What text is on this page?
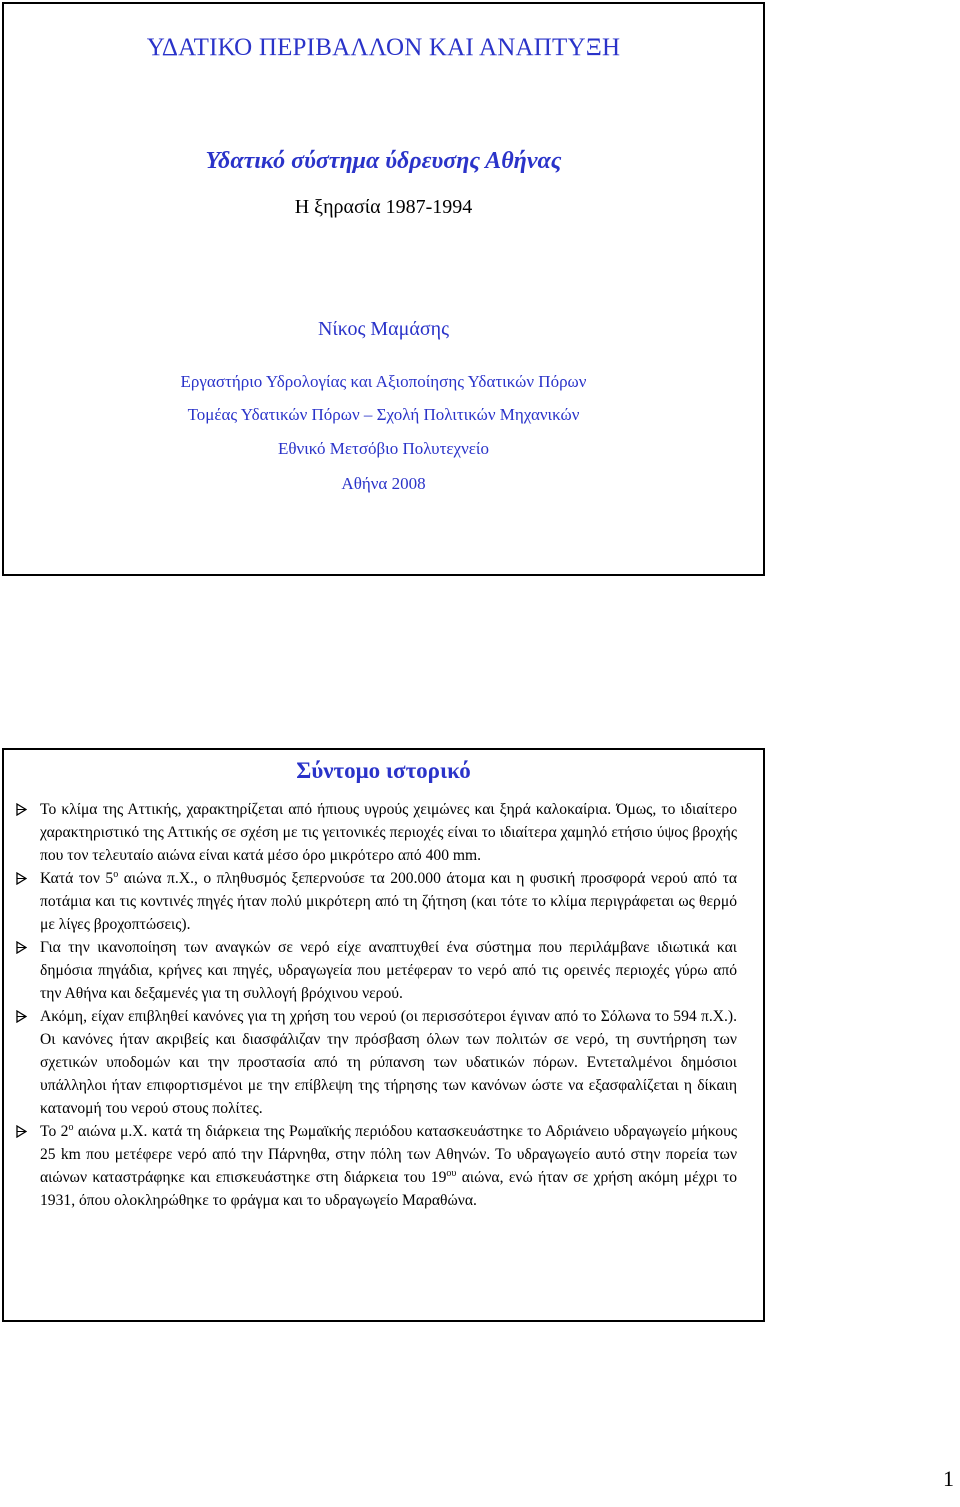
ΥΔΑΤΙΚΟ ΠΕΡΙΒΑΛΛΟΝ ΚΑΙ ΑΝΑΠΤΥΞΗ
Υδατικό σύστημα ύδρευσης Αθήνας
Η ξηρασία 1987-1994
Νίκος Μαμάσης
Εργαστήριο Υδρολογίας και Αξιοποίησης Υδατικών Πόρων
Τομέας Υδατικών Πόρων – Σχολή Πολιτικών Μηχανικών
Εθνικό Μετσόβιο Πολυτεχνείο
Αθήνα 2008
Σύντομο ιστορικό
Το κλίμα της Αττικής, χαρακτηρίζεται από ήπιους υγρούς χειμώνες και ξηρά καλοκαίρια. Όμως, το ιδιαίτερο χαρακτηριστικό της Αττικής σε σχέση με τις γειτονικές περιοχές είναι το ιδιαίτερα χαμηλό ετήσιο ύψος βροχής που τον τελευταίο αιώνα είναι κατά μέσο όρο μικρότερο από 400 mm.
Κατά τον $5^o$ αιώνα π.Χ., ο πληθυσμός ξεπερνούσε τα 200.000 άτομα και η φυσική προσφορά νερού από τα ποτάμια και τις κοντινές πηγές ήταν πολύ μικρότερη από τη ζήτηση (και τότε το κλίμα περιγράφεται ως θερμό με λίγες βροχοπτώσεις).
Για την ικανοποίηση των αναγκών σε νερό είχε αναπτυχθεί ένα σύστημα που περιλάμβανε ιδιωτικά και δημόσια πηγάδια, κρήνες και πηγές, υδραγωγεία που μετέφεραν το νερό από τις ορεινές περιοχές γύρω από την Αθήνα και δεξαμενές για τη συλλογή βρόχινου νερού.
Ακόμη, είχαν επιβληθεί κανόνες για τη χρήση του νερού (οι περισσότεροι έγιναν από το Σόλωνα το 594 π.Χ.). Οι κανόνες ήταν ακριβείς και διασφάλιζαν την πρόσβαση όλων των πολιτών σε νερό, τη συντήρηση των σχετικών υποδομών και την προστασία από τη ρύπανση των υδατικών πόρων. Εντεταλμένοι δημόσιοι υπάλληλοι ήταν επιφορτισμένοι με την επίβλεψη της τήρησης των κανόνων ώστε να εξασφαλίζεται η δίκαιη κατανομή του νερού στους πολίτες.
Το $2^o$ αιώνα μ.Χ. κατά τη διάρκεια της Ρωμαϊκής περιόδου κατασκευάστηκε το Αδριάνειο υδραγωγείο μήκους 25 km που μετέφερε νερό από την Πάρνηθα, στην πόλη των Αθηνών. Το υδραγωγείο αυτό στην πορεία των αιώνων καταστράφηκε και επισκευάστηκε στη διάρκεια του $19^{o\upsilon}$ αιώνα, ενώ ήταν σε χρήση ακόμη μέχρι το 1931, όπου ολοκληρώθηκε το φράγμα και το υδραγωγείο Μαραθώνα.
1
